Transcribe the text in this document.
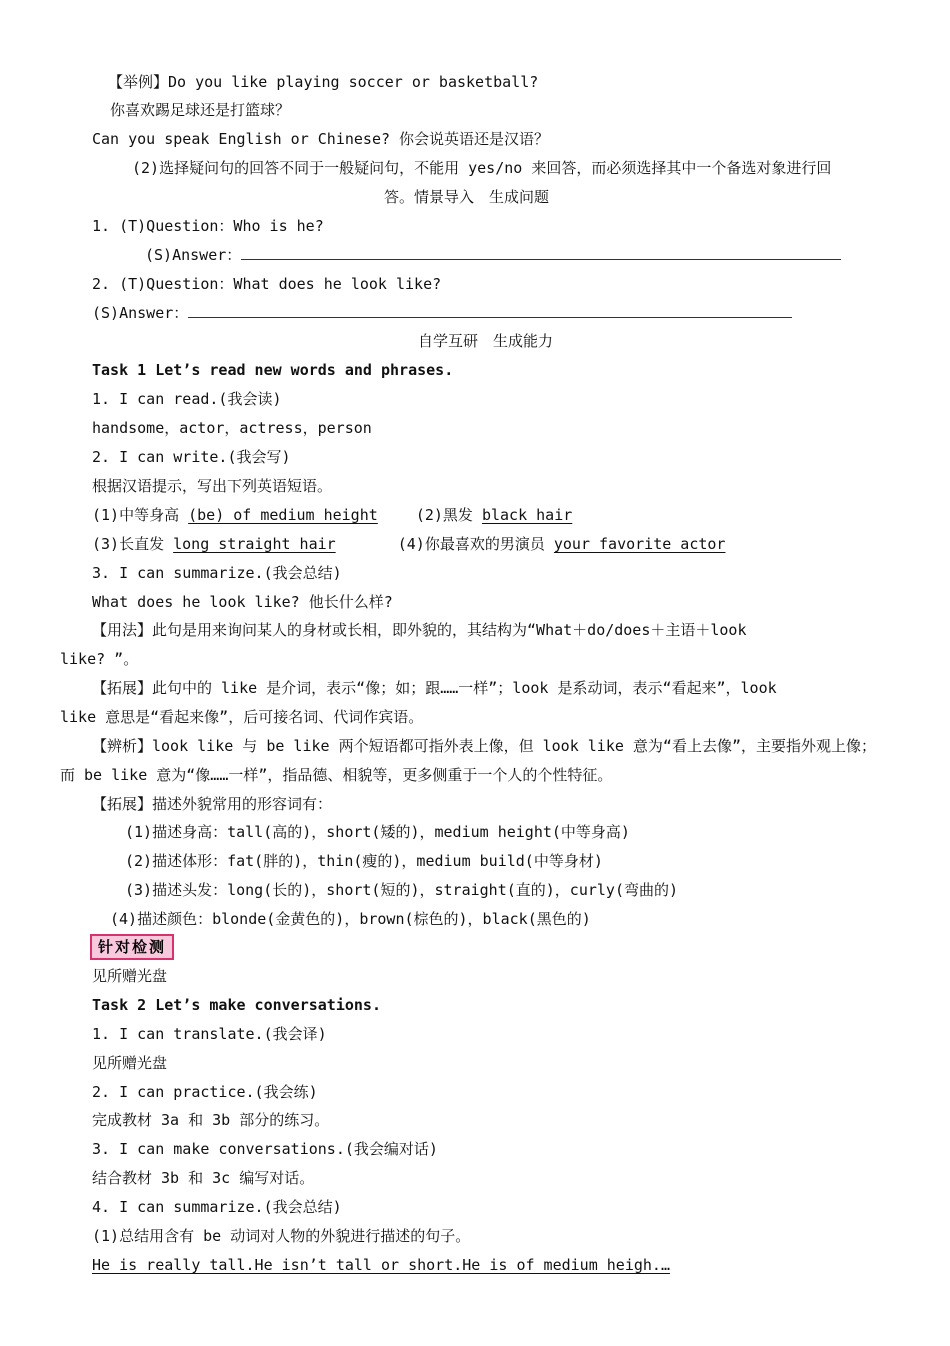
【举例】Do you like playing soccer or basketball?
你喜欢踢足球还是打篮球？
Can you speak English or Chinese? 你会说英语还是汉语？
(2)选择疑问句的回答不同于一般疑问句，不能用 yes/no 来回答，而必须选择其中一个备选对象进行回
答。情景导入　生成问题
1. (T)Question：Who is he?
(S)Answer：
2. (T)Question：What does he look like?
(S)Answer：
自学互研　生成能力
Task 1 Let’s read new words and phrases.
1. I can read.(我会读)
handsome，actor，actress，person
2. I can write.(我会写)
根据汉语提示，写出下列英语短语。
(1)中等身高 (be) of medium height	(2)黑发 black hair
(3)长直发 long straight hair	(4)你最喜欢的男演员 your favorite actor
3. I can summarize.(我会总结)
What does he look like? 他长什么样?
【用法】此句是用来询问某人的身材或长相，即外貌的，其结构为“What＋do/does＋主语＋look
like? ”。
【拓展】此句中的 like 是介词，表示“像；如；跟……一样”；look 是系动词，表示“看起来”，look
like 意思是“看起来像”，后可接名词、代词作宾语。
【辨析】look like 与 be like 两个短语都可指外表上像，但 look like 意为“看上去像”，主要指外观上像；
而 be like 意为“像……一样”，指品德、相貌等，更多侧重于一个人的个性特征。
【拓展】描述外貌常用的形容词有：
(1)描述身高：tall(高的)，short(矮的)，medium height(中等身高)
(2)描述体形：fat(胖的)，thin(瘦的)，medium build(中等身材)
(3)描述头发：long(长的)，short(短的)，straight(直的)，curly(弯曲的)
(4)描述颜色：blonde(金黄色的)，brown(棕色的)，black(黑色的)
针对检测
见所赠光盘
Task 2 Let’s make conversations.
1. I can translate.(我会译)
见所赠光盘
2. I can practice.(我会练)
完成教材 3a 和 3b 部分的练习。
3. I can make conversations.(我会编对话)
结合教材 3b 和 3c 编写对话。
4. I can summarize.(我会总结)
(1)总结用含有 be 动词对人物的外貌进行描述的句子。
He is really tall.He isn’t tall or short.He is of medium heigh.…
